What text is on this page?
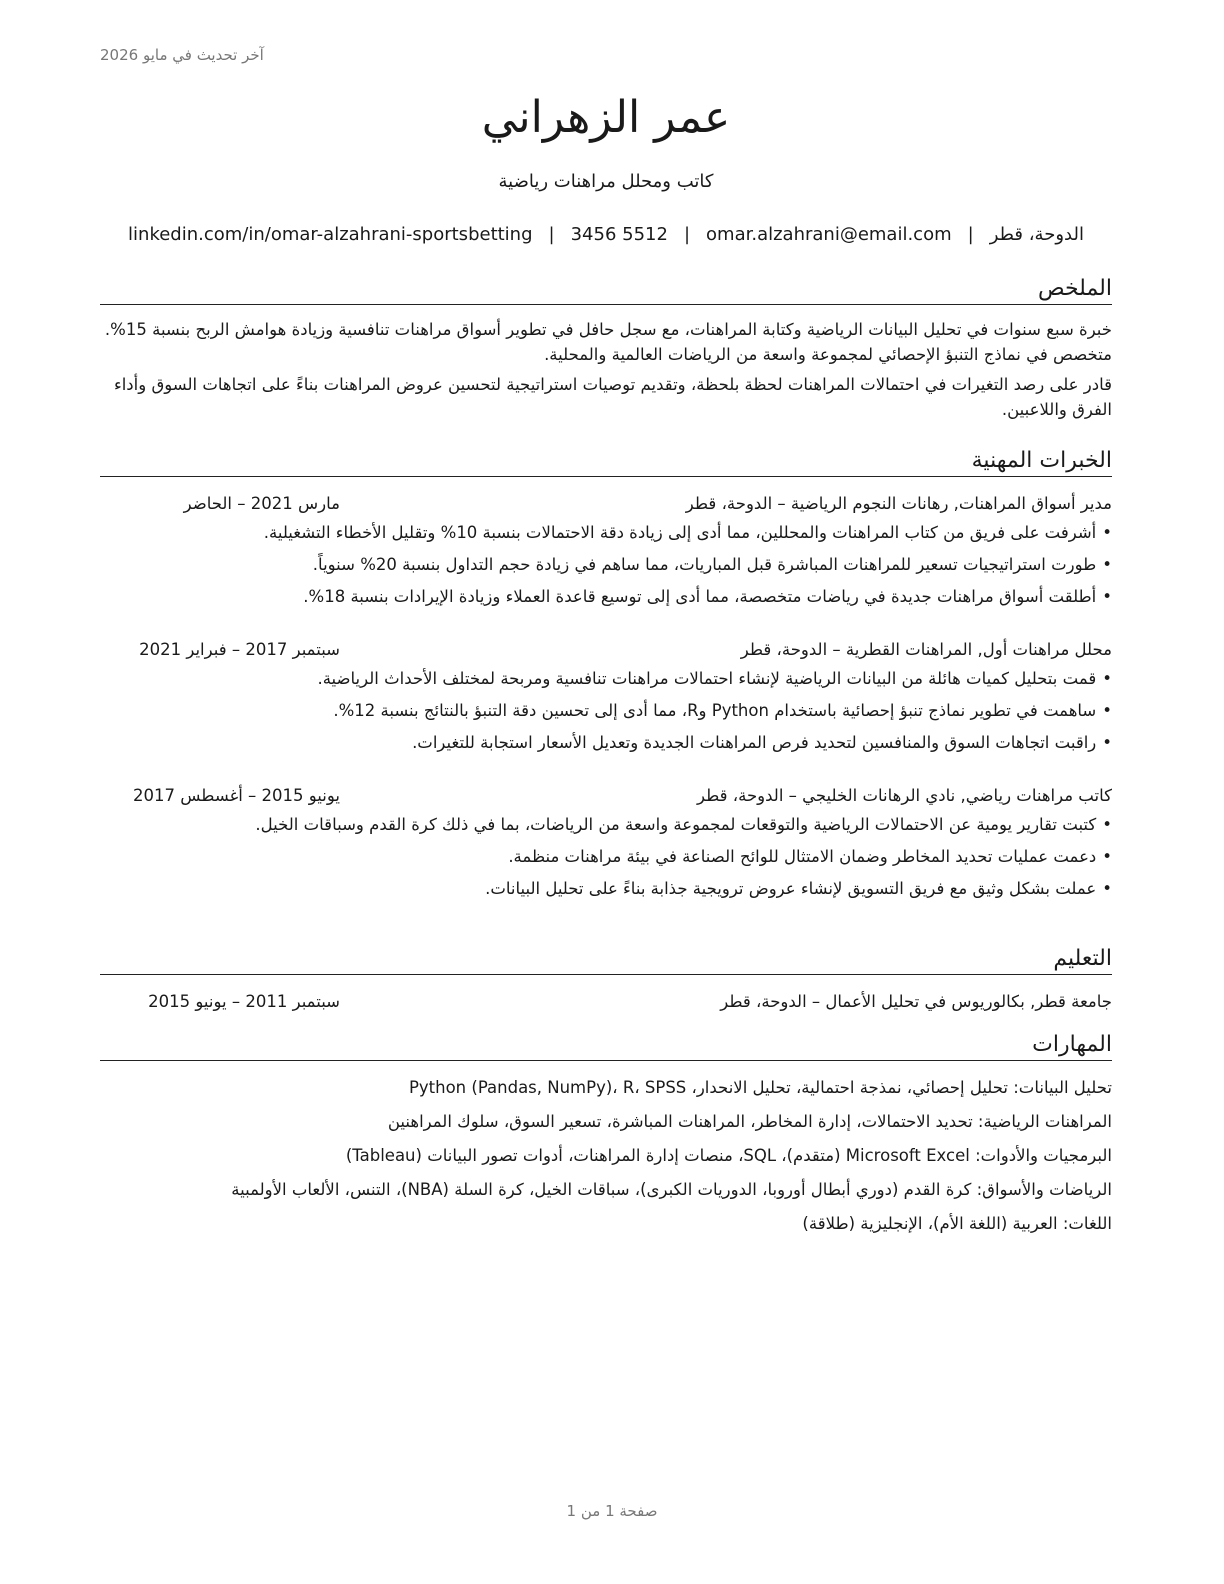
آخر تحديث في مايو 2026
عمر الزهراني
كاتب ومحلل مراهنات رياضية
linkedin.com/in/omar-alzahrani-sportsbetting | 3456 5512 | omar.alzahrani@email.com | الدوحة، قطر
الملخص

خبرة سبع سنوات في تحليل البيانات الرياضية وكتابة المراهنات، مع سجل حافل في تطوير أسواق مراهنات تنافسية وزيادة هوامش الربح بنسبة 15%. متخصص في نماذج التنبؤ الإحصائي لمجموعة واسعة من الرياضات العالمية والمحلية.

قادر على رصد التغيرات في احتمالات المراهنات لحظة بلحظة، وتقديم توصيات استراتيجية لتحسين عروض المراهنات بناءً على اتجاهات السوق وأداء الفرق واللاعبين.

الخبرات المهنية
مدير أسواق المراهنات, رهانات النجوم الرياضية – الدوحة، قطر
مارس 2021 – الحاضر
•أشرفت على فريق من كتاب المراهنات والمحللين، مما أدى إلى زيادة دقة الاحتمالات بنسبة 10% وتقليل الأخطاء التشغيلية.
•طورت استراتيجيات تسعير للمراهنات المباشرة قبل المباريات، مما ساهم في زيادة حجم التداول بنسبة 20% سنوياً.
•أطلقت أسواق مراهنات جديدة في رياضات متخصصة، مما أدى إلى توسيع قاعدة العملاء وزيادة الإيرادات بنسبة 18%.
محلل مراهنات أول, المراهنات القطرية – الدوحة، قطر
سبتمبر 2017 – فبراير 2021
•قمت بتحليل كميات هائلة من البيانات الرياضية لإنشاء احتمالات مراهنات تنافسية ومربحة لمختلف الأحداث الرياضية.
•ساهمت في تطوير نماذج تنبؤ إحصائية باستخدام Python وR، مما أدى إلى تحسين دقة التنبؤ بالنتائج بنسبة 12%.
•راقبت اتجاهات السوق والمنافسين لتحديد فرص المراهنات الجديدة وتعديل الأسعار استجابة للتغيرات.
كاتب مراهنات رياضي, نادي الرهانات الخليجي – الدوحة، قطر
يونيو 2015 – أغسطس 2017
•كتبت تقارير يومية عن الاحتمالات الرياضية والتوقعات لمجموعة واسعة من الرياضات، بما في ذلك كرة القدم وسباقات الخيل.
•دعمت عمليات تحديد المخاطر وضمان الامتثال للوائح الصناعة في بيئة مراهنات منظمة.
•عملت بشكل وثيق مع فريق التسويق لإنشاء عروض ترويجية جذابة بناءً على تحليل البيانات.
التعليم
جامعة قطر, بكالوريوس في تحليل الأعمال – الدوحة، قطر
سبتمبر 2011 – يونيو 2015
المهارات
تحليل البيانات: تحليل إحصائي، نمذجة احتمالية، تحليل الانحدار، Python (Pandas, NumPy)، R، SPSS
المراهنات الرياضية: تحديد الاحتمالات، إدارة المخاطر، المراهنات المباشرة، تسعير السوق، سلوك المراهنين
البرمجيات والأدوات: Microsoft Excel (متقدم)، SQL، منصات إدارة المراهنات، أدوات تصور البيانات (Tableau)
الرياضات والأسواق: كرة القدم (دوري أبطال أوروبا، الدوريات الكبرى)، سباقات الخيل، كرة السلة (NBA)، التنس، الألعاب الأولمبية
اللغات: العربية (اللغة الأم)، الإنجليزية (طلاقة)
صفحة 1 من 1
